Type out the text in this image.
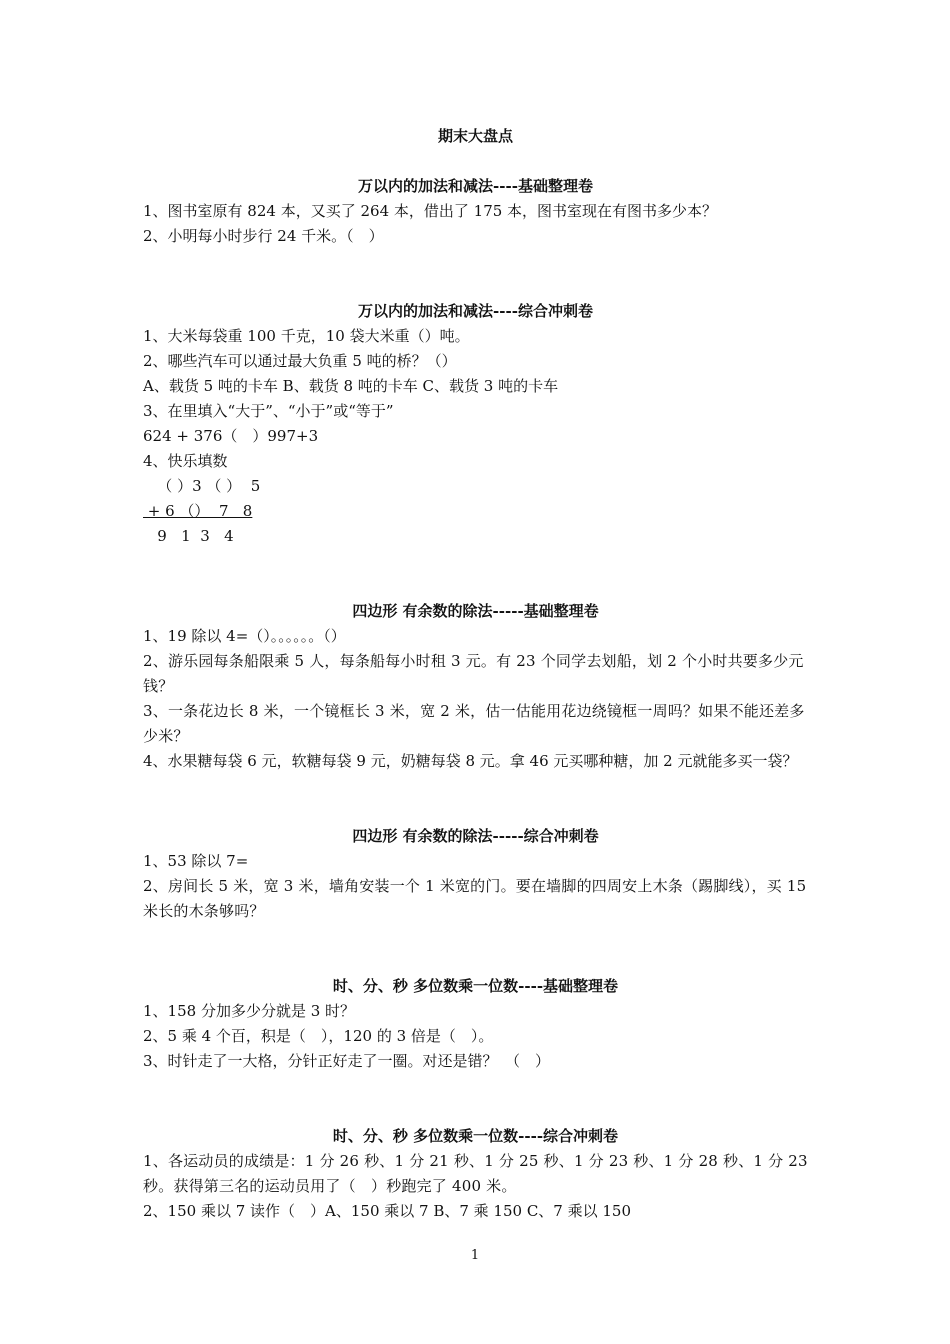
期末大盘点
万以内的加法和减法----基础整理卷
1、图书室原有 824 本，又买了 264 本，借出了 175 本，图书室现在有图书多少本？
2、小明每小时步行 24 千米。（　）
万以内的加法和减法----综合冲刺卷
1、大米每袋重 100 千克，10 袋大米重（）吨。
2、哪些汽车可以通过最大负重 5 吨的桥？（）
A、载货 5 吨的卡车 B、载货 8 吨的卡车 C、载货 3 吨的卡车
3、在里填入“大于”、“小于”或“等于”
624 + 376（　）997+3
4、快乐填数
（ ）3 （ ）  5
+ 6 （）  7   8
9   1  3   4
四边形 有余数的除法-----基础整理卷
1、19 除以 4=（）。。。。。。（）
2、游乐园每条船限乘 5 人，每条船每小时租 3 元。有 23 个同学去划船，划 2 个小时共要多少元钱？
3、一条花边长 8 米，一个镜框长 3 米，宽 2 米，估一估能用花边绕镜框一周吗？如果不能还差多少米？
4、水果糖每袋 6 元，软糖每袋 9 元，奶糖每袋 8 元。拿 46 元买哪种糖，加 2 元就能多买一袋？
四边形 有余数的除法-----综合冲刺卷
1、53 除以 7=
2、房间长 5 米，宽 3 米，墙角安装一个 1 米宽的门。要在墙脚的四周安上木条（踢脚线），买 15 米长的木条够吗？
时、分、秒 多位数乘一位数----基础整理卷
1、158 分加多少分就是 3 时？
2、5 乘 4 个百，积是（　），120 的 3 倍是（　）。
3、时针走了一大格，分针正好走了一圈。对还是错？　（　）
时、分、秒 多位数乘一位数----综合冲刺卷
1、各运动员的成绩是：1 分 26 秒、1 分 21 秒、1 分 25 秒、1 分 23 秒、1 分 28 秒、1 分 23 秒。获得第三名的运动员用了（　）秒跑完了 400 米。
2、150 乘以 7 读作（　）A、150 乘以 7 B、7 乘 150 C、7 乘以 150
1
